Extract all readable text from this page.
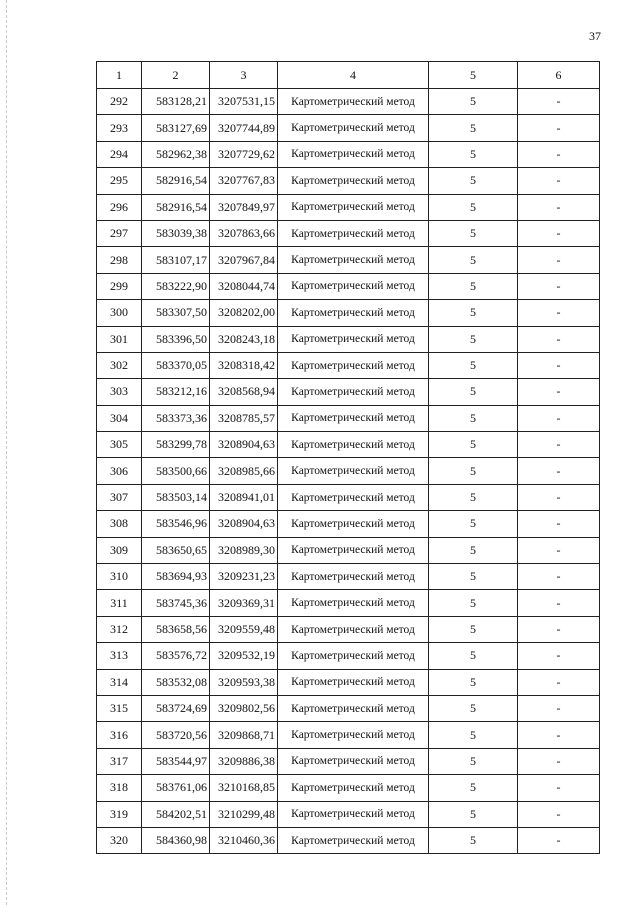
37
1	2	3	4	5	6
292	583128,21	3207531,15	Картометрический метод	5	-
293	583127,69	3207744,89	Картометрический метод	5	-
294	582962,38	3207729,62	Картометрический метод	5	-
295	582916,54	3207767,83	Картометрический метод	5	-
296	582916,54	3207849,97	Картометрический метод	5	-
297	583039,38	3207863,66	Картометрический метод	5	-
298	583107,17	3207967,84	Картометрический метод	5	-
299	583222,90	3208044,74	Картометрический метод	5	-
300	583307,50	3208202,00	Картометрический метод	5	-
301	583396,50	3208243,18	Картометрический метод	5	-
302	583370,05	3208318,42	Картометрический метод	5	-
303	583212,16	3208568,94	Картометрический метод	5	-
304	583373,36	3208785,57	Картометрический метод	5	-
305	583299,78	3208904,63	Картометрический метод	5	-
306	583500,66	3208985,66	Картометрический метод	5	-
307	583503,14	3208941,01	Картометрический метод	5	-
308	583546,96	3208904,63	Картометрический метод	5	-
309	583650,65	3208989,30	Картометрический метод	5	-
310	583694,93	3209231,23	Картометрический метод	5	-
311	583745,36	3209369,31	Картометрический метод	5	-
312	583658,56	3209559,48	Картометрический метод	5	-
313	583576,72	3209532,19	Картометрический метод	5	-
314	583532,08	3209593,38	Картометрический метод	5	-
315	583724,69	3209802,56	Картометрический метод	5	-
316	583720,56	3209868,71	Картометрический метод	5	-
317	583544,97	3209886,38	Картометрический метод	5	-
318	583761,06	3210168,85	Картометрический метод	5	-
319	584202,51	3210299,48	Картометрический метод	5	-
320	584360,98	3210460,36	Картометрический метод	5	-
